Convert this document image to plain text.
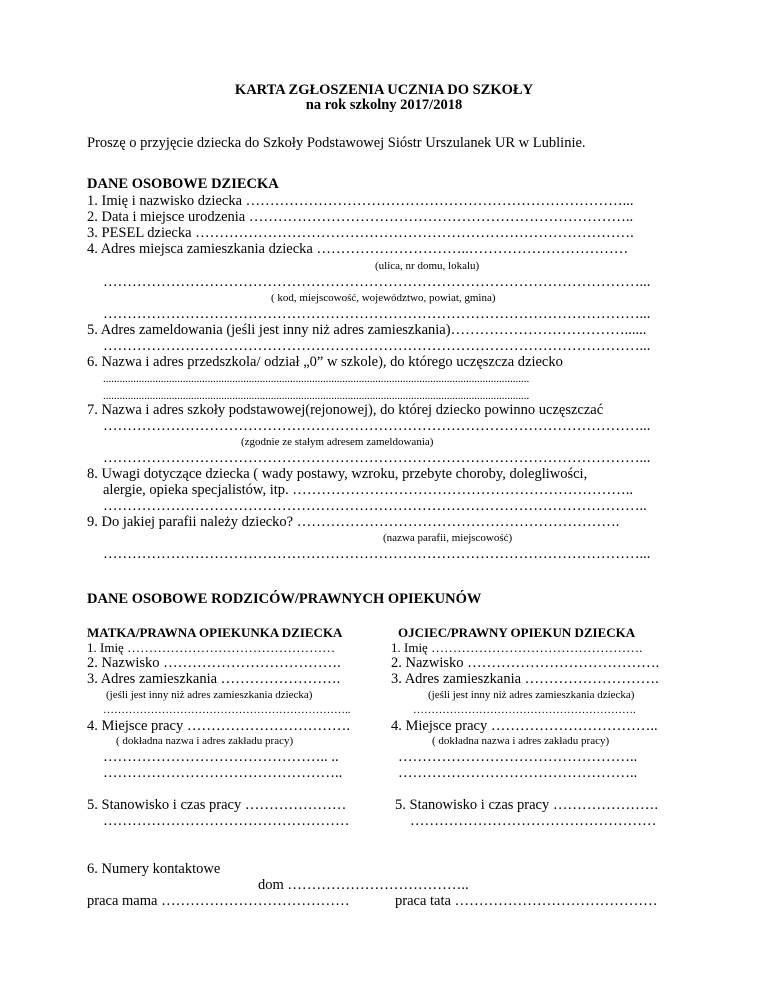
KARTA ZGŁOSZENIA UCZNIA DO SZKOŁY
na rok szkolny 2017/2018
Proszę o przyjęcie dziecka do Szkoły Podstawowej Sióstr Urszulanek UR w Lublinie.
DANE OSOBOWE DZIECKA
1. Imię i nazwisko dziecka ……………………………………………………………………...
2. Data i miejsce urodzenia ……………………………………………………………………..
3. PESEL dziecka ……………………………………………………………………………….
4. Adres miejsca zamieszkania dziecka …………………………..……………………………
(ulica, nr domu, lokalu)
…………………………………………………………………………………………………...
( kod, miejscowość, województwo, powiat, gmina)
…………………………………………………………………………………………………...
5. Adres zameldowania (jeśli jest inny niż adres zamieszkania)………………………………......
…………………………………………………………………………………………………...
6. Nazwa i adres przedszkola/ odział „0” w szkole), do którego uczęszcza dziecko
...........................................................................................................................................................
...........................................................................................................................................................
7. Nazwa i adres szkoły podstawowej(rejonowej), do której dziecko powinno uczęszczać
…………………………………………………………………………………………………...
(zgodnie ze stałym adresem zameldowania)
…………………………………………………………………………………………………...
8. Uwagi dotyczące dziecka ( wady postawy, wzroku, przebyte choroby, dolegliwości,
alergie, opieka specjalistów, itp. ……………………………………………………………..
…………………………………………………………………………………………………..
9. Do jakiej parafii należy dziecko? ………………………………………………………….
(nazwa parafii, miejscowość)
…………………………………………………………………………………………………...
DANE OSOBOWE RODZICÓW/PRAWNYCH OPIEKUNÓW
MATKA/PRAWNA OPIEKUNKA DZIECKA	OJCIEC/PRAWNY OPIEKUN DZIECKA
1. Imię …………………………………………	1. Imię ………………………………………….
2. Nazwisko ……………………………….	2. Nazwisko ………………………………….
3. Adres zamieszkania …………………….	3. Adres zamieszkania ……………………….
(jeśli jest inny niż adres zamieszkania dziecka)	(jeśli jest inny niż adres zamieszkania dziecka)
…………………………………………………………..	…………………………………………………….
4. Miejsce pracy …………………………….	4. Miejsce pracy ……………………………..
( dokładna nazwa i adres zakładu pracy)	( dokładna nazwa i adres zakładu pracy)
……………………………………….. ..	…………………………………………..
…………………………………………..	…………………………………………..
5. Stanowisko i czas pracy …………………	5. Stanowisko i czas pracy ………………….
……………………………………………	……………………………………………
6. Numery kontaktowe
dom ………………………………..
praca mama …………………………………	praca tata ……………………………………
